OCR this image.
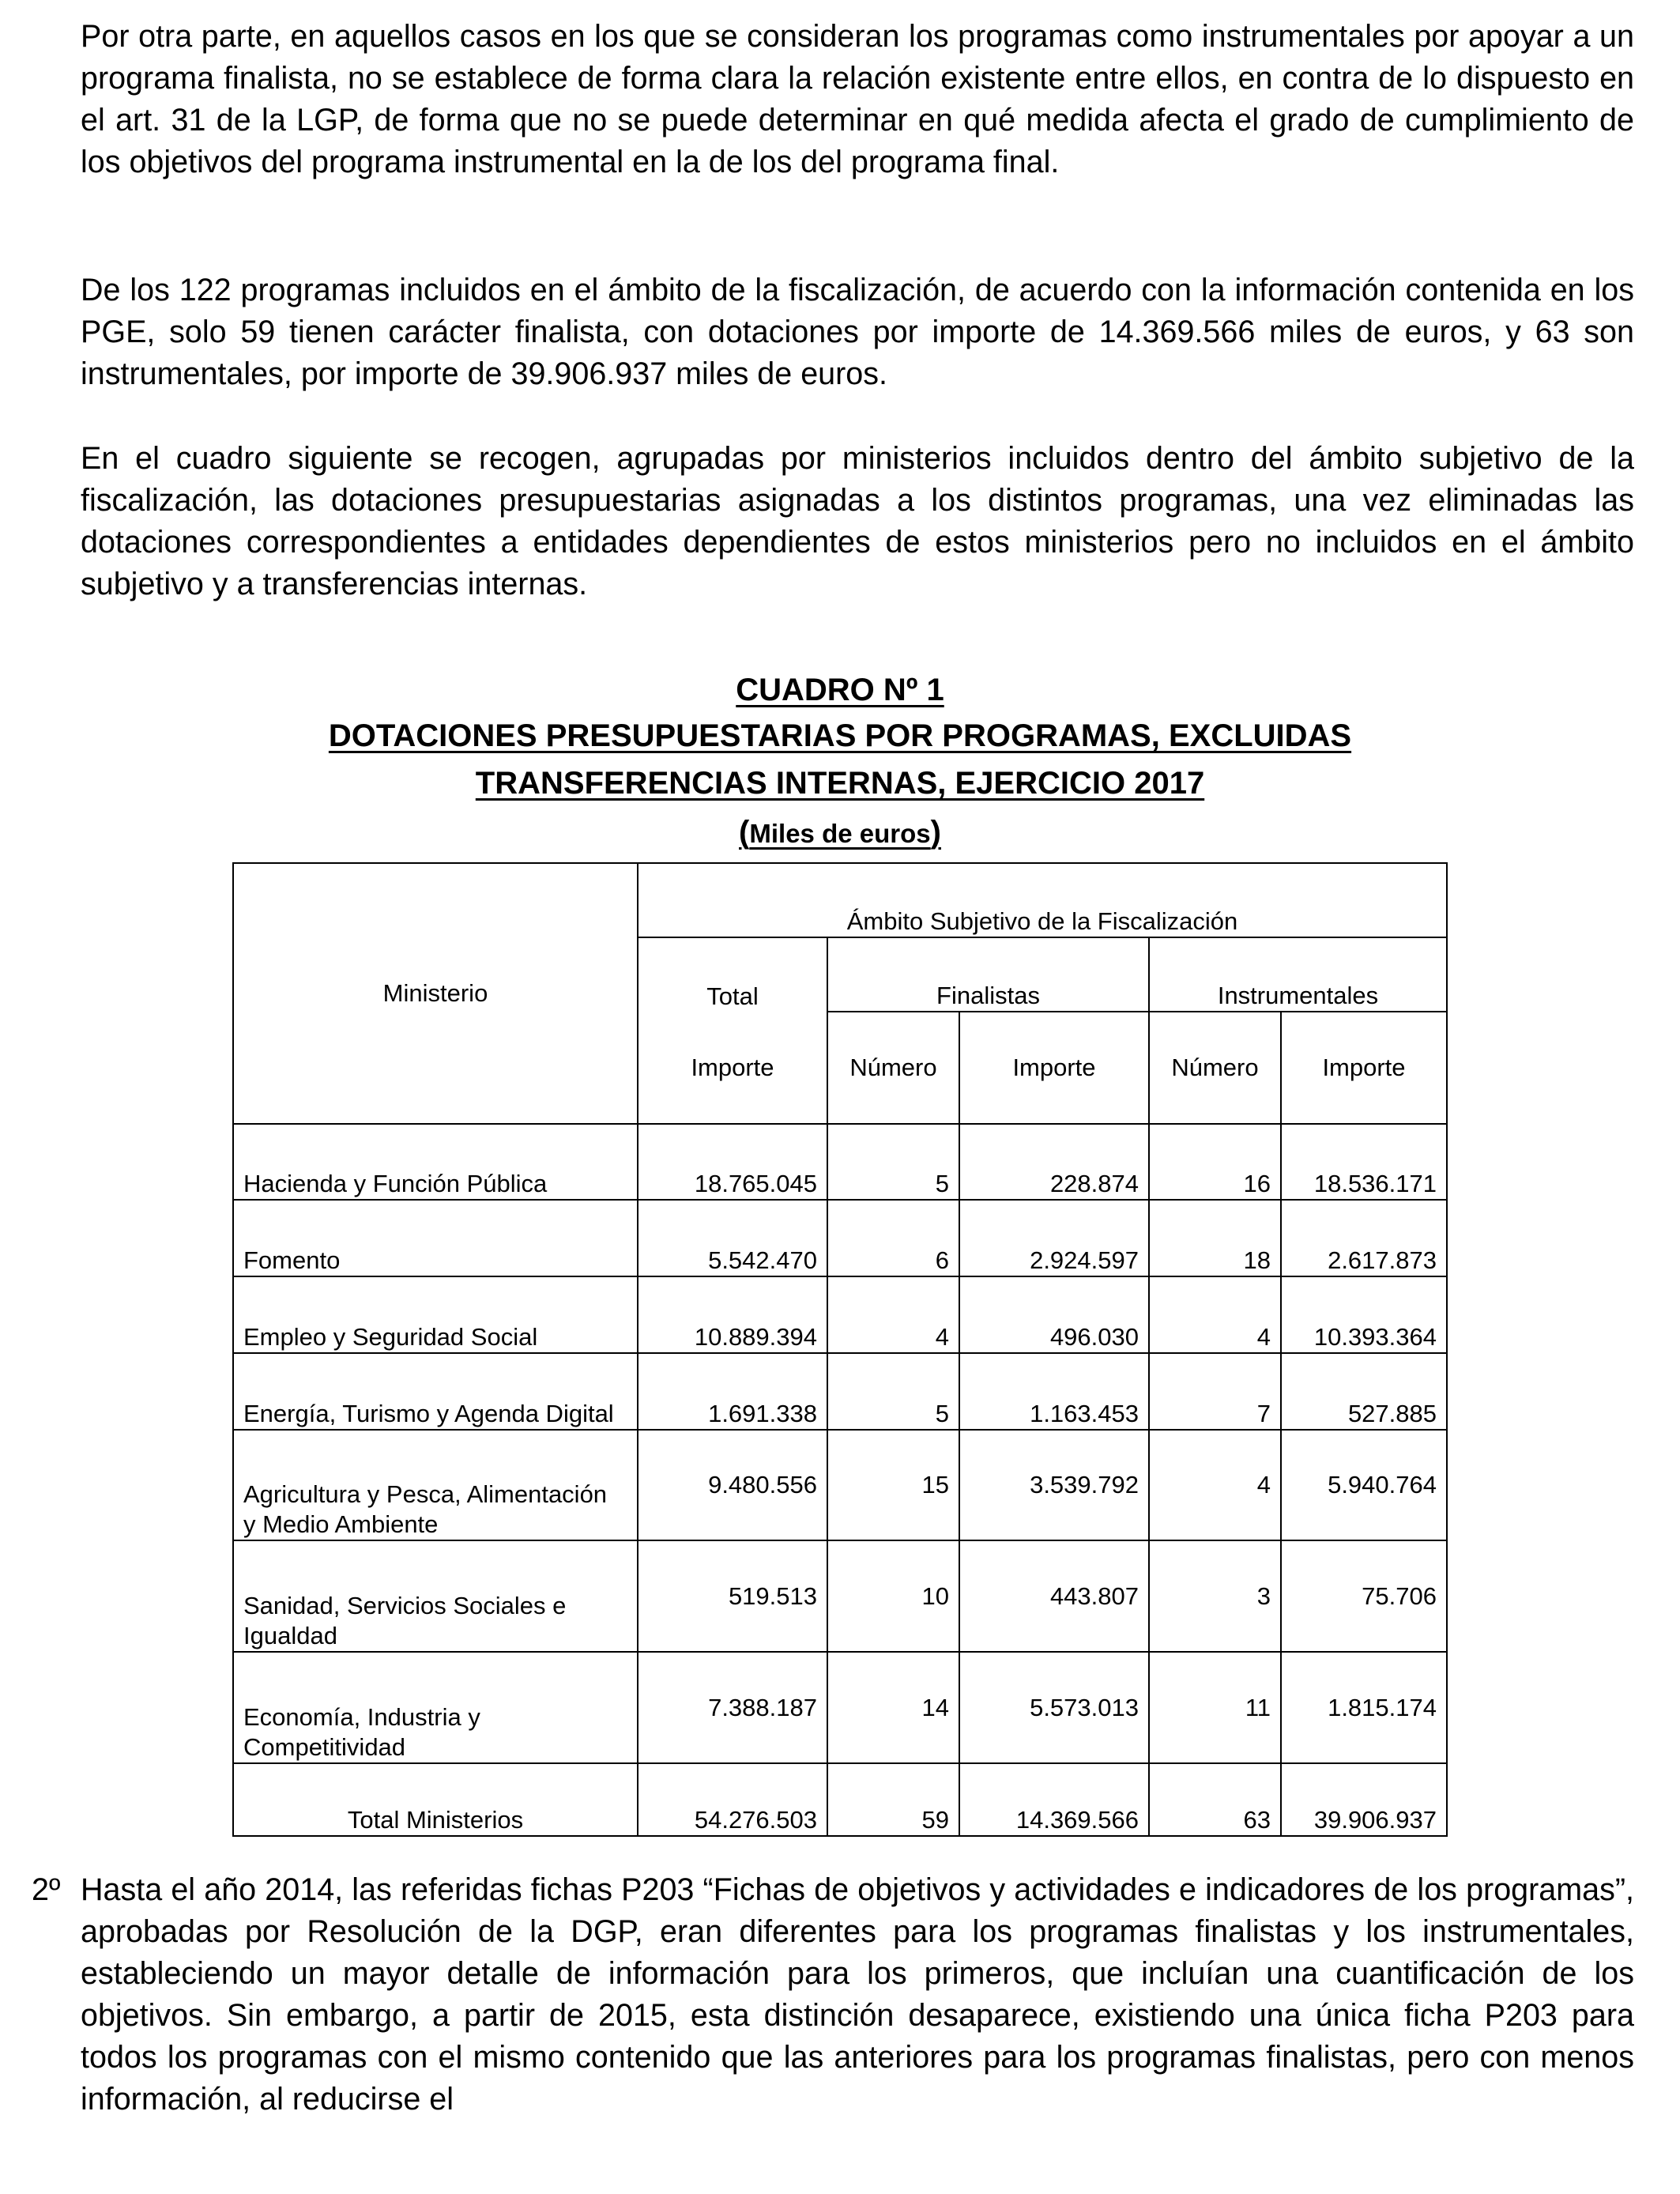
Por otra parte, en aquellos casos en los que se consideran los programas como instrumentales por apoyar a un programa finalista, no se establece de forma clara la relación existente entre ellos, en contra de lo dispuesto en el art. 31 de la LGP, de forma que no se puede determinar en qué medida afecta el grado de cumplimiento de los objetivos del programa instrumental en la de los del programa final.

De los 122 programas incluidos en el ámbito de la fiscalización, de acuerdo con la información contenida en los PGE, solo 59 tienen carácter finalista, con dotaciones por importe de 14.369.566 miles de euros, y 63 son instrumentales, por importe de 39.906.937 miles de euros.

En el cuadro siguiente se recogen, agrupadas por ministerios incluidos dentro del ámbito subjetivo de la fiscalización, las dotaciones presupuestarias asignadas a los distintos programas, una vez eliminadas las dotaciones correspondientes a entidades dependientes de estos ministerios pero no incluidos en el ámbito subjetivo y a transferencias internas.

CUADRO Nº 1
DOTACIONES PRESUPUESTARIAS POR PROGRAMAS, EXCLUIDAS
TRANSFERENCIAS INTERNAS, EJERCICIO 2017
(Miles de euros)
Ministerio	Ámbito Subjetivo de la Fiscalización				
	Total	Finalistas		Instrumentales	
	Importe	Número	Importe	Número	Importe
Hacienda y Función Pública	18.765.045	5	228.874	16	18.536.171
Fomento	5.542.470	6	2.924.597	18	2.617.873
Empleo y Seguridad Social	10.889.394	4	496.030	4	10.393.364
Energía, Turismo y Agenda Digital	1.691.338	5	1.163.453	7	527.885
Agricultura y Pesca, Alimentación
y Medio Ambiente	9.480.556	15	3.539.792	4	5.940.764
Sanidad, Servicios Sociales e
Igualdad	519.513	10	443.807	3	75.706
Economía, Industria y
Competitividad	7.388.187	14	5.573.013	11	1.815.174
Total Ministerios	54.276.503	59	14.369.566	63	39.906.937
2º Hasta el año 2014, las referidas fichas P203 “Fichas de objetivos y actividades e indicadores de los programas”, aprobadas por Resolución de la DGP, eran diferentes para los programas finalistas y los instrumentales, estableciendo un mayor detalle de información para los primeros, que incluían una cuantificación de los objetivos. Sin embargo, a partir de 2015, esta distinción desaparece, existiendo una única ficha P203 para todos los programas con el mismo contenido que las anteriores para los programas finalistas, pero con menos información, al reducirse el
